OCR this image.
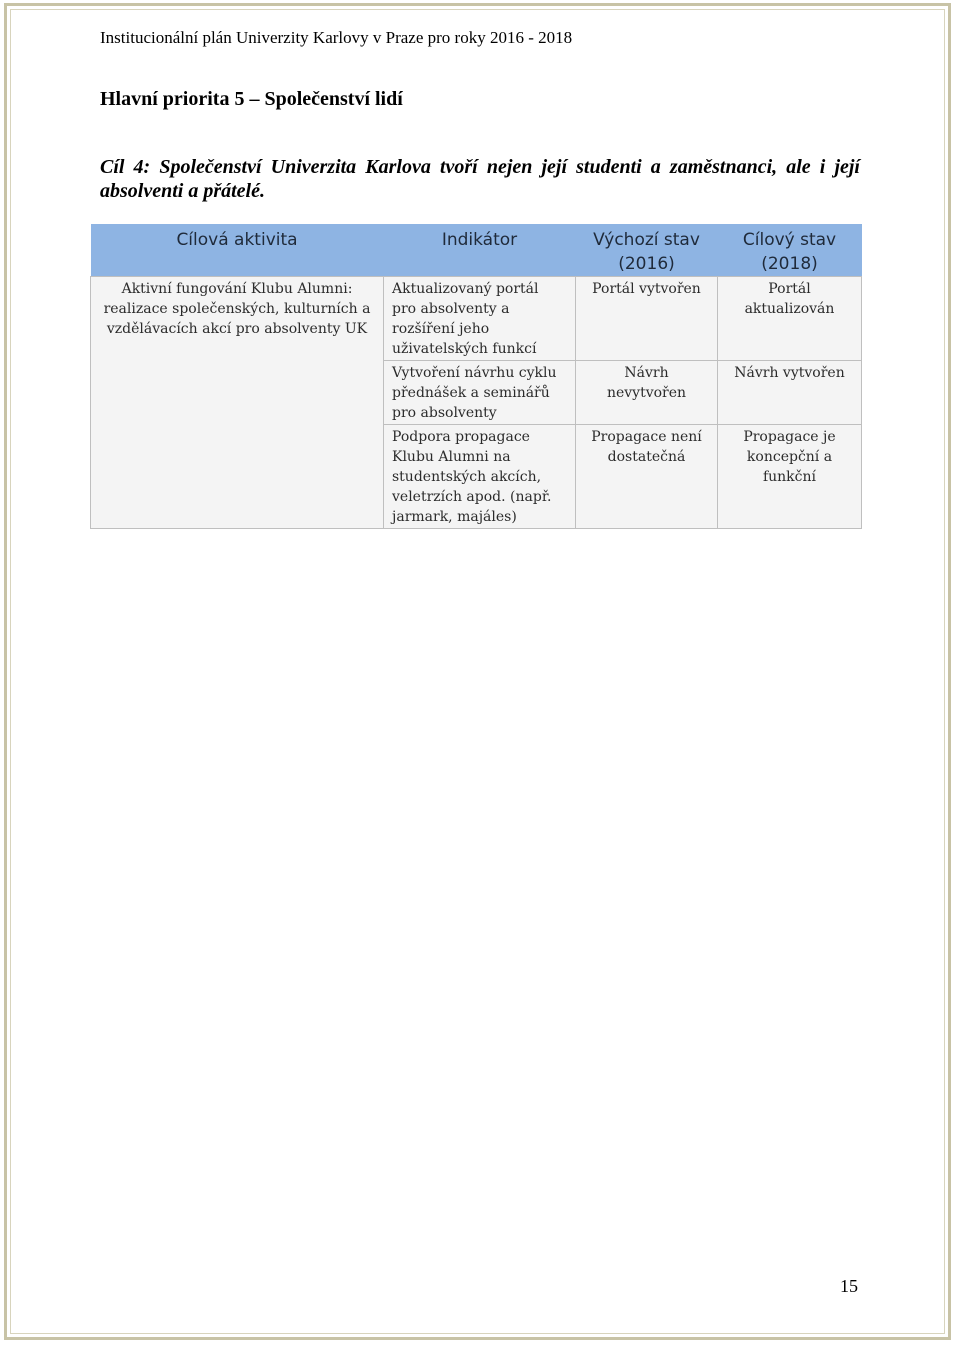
Institucionální plán Univerzity Karlovy v Praze pro roky 2016 - 2018
Hlavní priorita 5 – Společenství lidí
Cíl 4: Společenství Univerzita Karlova tvoří nejen její studenti a zaměstnanci, ale i její absolventi a přátelé.
Cílová aktivita	Indikátor	Výchozí stav (2016)	Cílový stav (2018)
Aktivní fungování Klubu Alumni: realizace společenských, kulturních a vzdělávacích akcí pro absolventy UK	Aktualizovaný portál pro absolventy a rozšíření jeho uživatelských funkcí	Portál vytvořen	Portál aktualizován
	Vytvoření návrhu cyklu přednášek a seminářů pro absolventy	Návrh nevytvořen	Návrh vytvořen
	Podpora propagace Klubu Alumni na studentských akcích, veletrzích apod. (např. jarmark, majáles)	Propagace není dostatečná	Propagace je koncepční a funkční
15
